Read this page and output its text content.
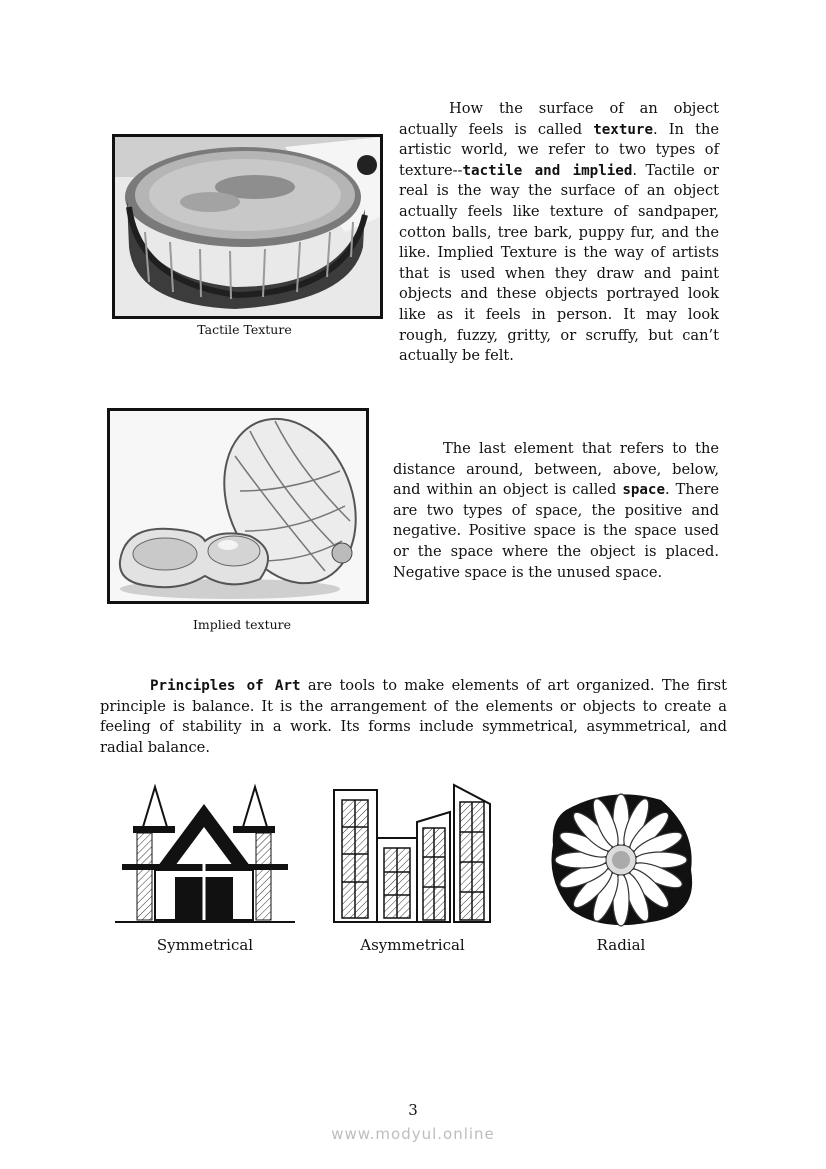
Tactile Texture

How the surface of an object actually feels is called texture. In the artistic world, we refer to two types of texture--tactile and implied. Tactile or real is the way the surface of an object actually feels like texture of sandpaper, cotton balls, tree bark, puppy fur, and the like. Implied Texture is the way of artists that is used when they draw and paint objects and these objects portrayed look like as it feels in person. It may look rough, fuzzy, gritty, or scruffy, but can’t actually be felt.

Implied texture

The last element that refers to the distance around, between, above, below, and within an object is called space. There are two types of space, the positive and negative. Positive space is the space used or the space where the object is placed. Negative space is the unused space.

Principles of Art are tools to make elements of art organized. The first principle is balance. It is the arrangement of the elements or objects to create a feeling of stability in a work. Its forms include symmetrical, asymmetrical, and radial balance.

Symmetrical	Asymmetrical	Radial
3
www.modyul.online
